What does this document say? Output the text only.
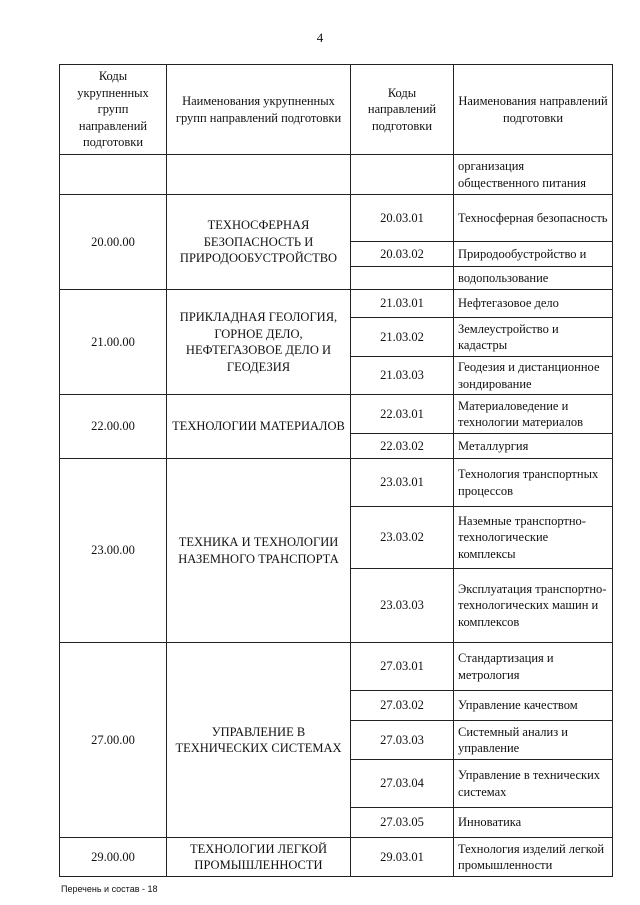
4
Коды укрупненных групп направлений подготовки	Наименования укрупненных групп направлений подготовки	Коды направлений подготовки	Наименования направлений подготовки
			организация общественного питания
20.00.00	ТЕХНОСФЕРНАЯ БЕЗОПАСНОСТЬ И ПРИРОДООБУСТРОЙСТВО	20.03.01	Техносферная безопасность
		20.03.02	Природообустройство и
			водопользование
21.00.00	ПРИКЛАДНАЯ ГЕОЛОГИЯ, ГОРНОЕ ДЕЛО, НЕФТЕГАЗОВОЕ ДЕЛО И ГЕОДЕЗИЯ	21.03.01	Нефтегазовое дело
		21.03.02	Землеустройство и кадастры
		21.03.03	Геодезия и дистанционное зондирование
22.00.00	ТЕХНОЛОГИИ МАТЕРИАЛОВ	22.03.01	Материаловедение и технологии материалов
		22.03.02	Металлургия
23.00.00	ТЕХНИКА И ТЕХНОЛОГИИ НАЗЕМНОГО ТРАНСПОРТА	23.03.01	Технология транспортных процессов
		23.03.02	Наземные транспортно-технологические комплексы
		23.03.03	Эксплуатация транспортно-технологических машин и комплексов
27.00.00	УПРАВЛЕНИЕ В ТЕХНИЧЕСКИХ СИСТЕМАХ	27.03.01	Стандартизация и метрология
		27.03.02	Управление качеством
		27.03.03	Системный анализ и управление
		27.03.04	Управление в технических системах
		27.03.05	Инноватика
29.00.00	ТЕХНОЛОГИИ ЛЕГКОЙ ПРОМЫШЛЕННОСТИ	29.03.01	Технология изделий легкой промышленности
Перечень и состав - 18
